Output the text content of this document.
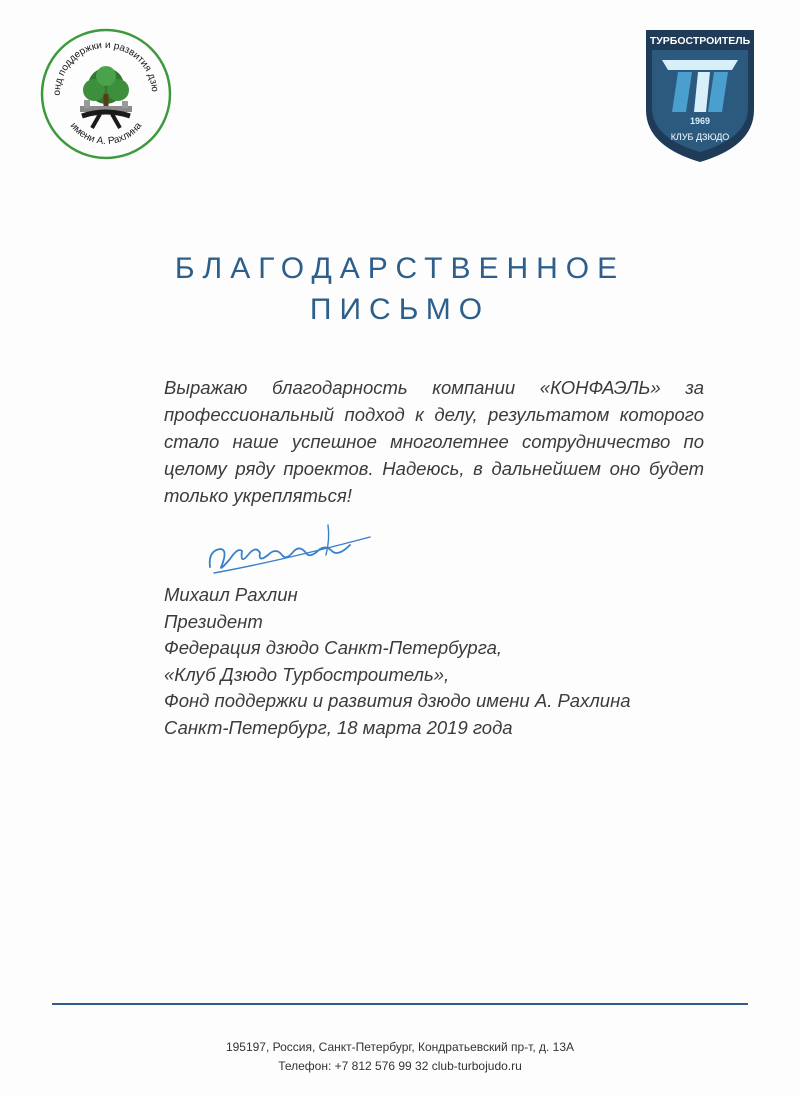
онд поддержки и развития дзю
имени А. Рахлина
ТУРБОСТРОИТЕЛЬ
1969
КЛУБ ДЗЮДО
БЛАГОДАРСТВЕННОЕ
ПИСЬМО

Выражаю благодарность компании «КОНФАЭЛЬ» за профессиональный подход к делу, результатом которого стало наше успешное многолетнее сотрудничество по целому ряду проектов. Надеюсь, в дальнейшем оно будет только укрепляться!

Михаил Рахлин
Президент
Федерация дзюдо Санкт-Петербурга,
«Клуб Дзюдо Турбостроитель»,
Фонд поддержки и развития дзюдо имени А. Рахлина
Санкт-Петербург, 18 марта 2019 года
195197, Россия, Санкт-Петербург, Кондратьевский пр-т, д. 13А
Телефон: +7 812 576 99 32 club-turbojudo.ru
